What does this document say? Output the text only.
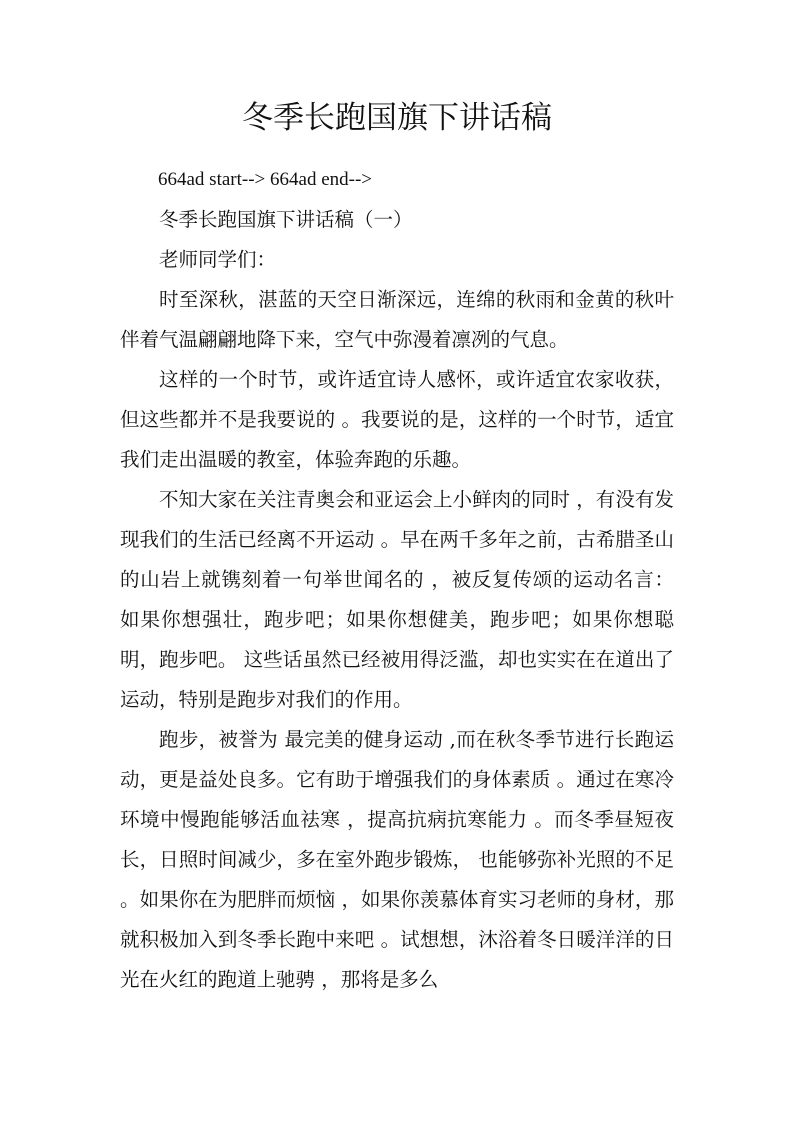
冬季长跑国旗下讲话稿

664ad start--> 664ad end-->

冬季长跑国旗下讲话稿（一）

老师同学们：

时至深秋，湛蓝的天空日渐深远，连绵的秋雨和金黄的秋叶伴着气温翩翩地降下来，空气中弥漫着凛冽的气息。

这样的一个时节，或许适宜诗人感怀，或许适宜农家收获，但这些都并不是我要说的 。我要说的是，这样的一个时节，适宜我们走出温暖的教室，体验奔跑的乐趣。

不知大家在关注青奥会和亚运会上小鲜肉的同时 ，有没有发现我们的生活已经离不开运动 。早在两千多年之前，古希腊圣山的山岩上就镌刻着一句举世闻名的 ，被反复传颂的运动名言： 如果你想强壮，跑步吧；如果你想健美，跑步吧；如果你想聪明，跑步吧。 这些话虽然已经被用得泛滥，却也实实在在道出了运动，特别是跑步对我们的作用。

跑步，被誉为 最完美的健身运动 ,而在秋冬季节进行长跑运动，更是益处良多。它有助于增强我们的身体素质 。通过在寒冷环境中慢跑能够活血祛寒 ，提高抗病抗寒能力 。而冬季昼短夜长，日照时间减少，多在室外跑步锻炼， 也能够弥补光照的不足 。如果你在为肥胖而烦恼 ，如果你羡慕体育实习老师的身材，那就积极加入到冬季长跑中来吧 。试想想，沐浴着冬日暖洋洋的日光在火红的跑道上驰骋 ，那将是多么
